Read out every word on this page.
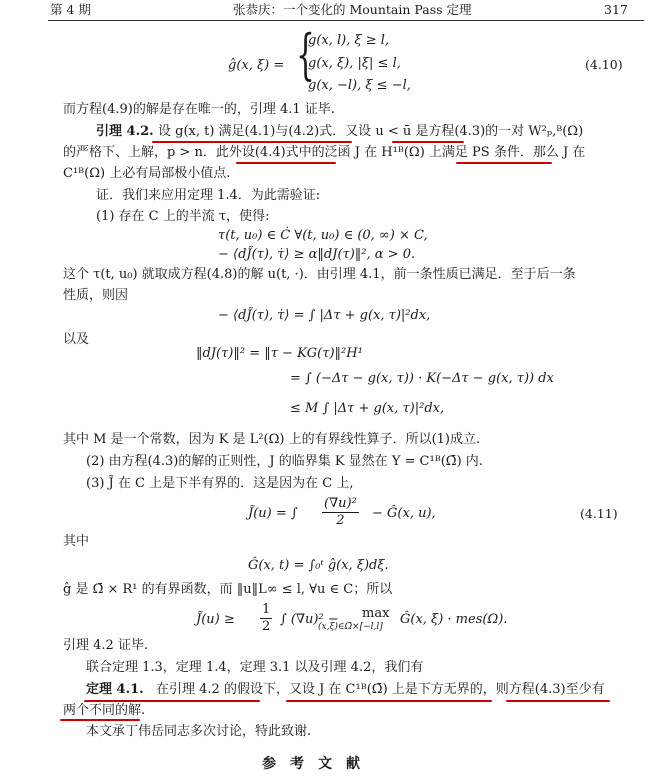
第 4 期	张恭庆：一个变化的 Mountain Pass 定理	317
ĝ(x, ξ) = {
g(x, l), ξ ≥ l,
g(x, ξ), |ξ| ≤ l,
g(x, −l), ξ ≤ −l,
(4.10)
而方程(4.9)的解是存在唯一的，引理 4.1 证毕.
引理 4.2. 设 g(x, t) 满足(4.1)与(4.2)式．又设 u < ū 是方程(4.3)的一对 W²ₚ,ᴮ(Ω)
的严格下、上解，p > n．此外设(4.4)式中的泛函 J 在 H¹ᴮ(Ω) 上满足 PS 条件．那么 J 在
C¹ᴮ(Ω) 上必有局部极小值点.
证．我们来应用定理 1.4．为此需验证:
(1) 存在 C 上的半流 τ，使得:
τ(t, u₀) ∈ Ċ ∀(t, u₀) ∈ (0, ∞) × C,
− ⟨dJ̃(τ), τ̇⟩ ≥ α‖dJ(τ)‖², α > 0.
这个 τ(t, u₀) 就取成方程(4.8)的解 u(t, ·)．由引理 4.1，前一条性质已满足．至于后一条
性质，则因
− ⟨dJ̃(τ), τ̇⟩ = ∫ |Δτ + g(x, τ)|²dx,
以及
‖dJ(τ)‖² = ‖τ − KG(τ)‖²H¹
= ∫ (−Δτ − g(x, τ)) · K(−Δτ − g(x, τ)) dx
≤ M ∫ |Δτ + g(x, τ)|²dx,
其中 M 是一个常数，因为 K 是 L²(Ω) 上的有界线性算子．所以(1)成立.
(2) 由方程(4.3)的解的正则性，J 的临界集 K 显然在 Y = C¹ᴮ(Ω̄) 内.
(3) J̃ 在 C 上是下半有界的．这是因为在 C 上,
J̃(u) = ∫ $\frac{\text{(∇u)²}}{2}$ − Ĝ(x, u),	(4.11)
其中
Ĝ(x, t) = ∫₀ᵗ ĝ(x, ξ)dξ.
ĝ 是 Ω̄ × R¹ 的有界函数，而 ‖u‖L∞ ≤ l, ∀u ∈ C；所以
J̃(u) ≥ $\frac{1}{2}$ ∫ (∇u)² − max
(x,ξ)∈Ω̄×[−l,l] Ĝ(x, ξ) · mes(Ω).
引理 4.2 证毕.
联合定理 1.3，定理 1.4，定理 3.1 以及引理 4.2，我们有
定理 4.1. 在引理 4.2 的假设下，又设 J 在 C¹ᴮ(Ω̄) 上是下方无界的，则方程(4.3)至少有
两个不同的解.
本文承丁伟岳同志多次讨论，特此致谢.
参考文献
